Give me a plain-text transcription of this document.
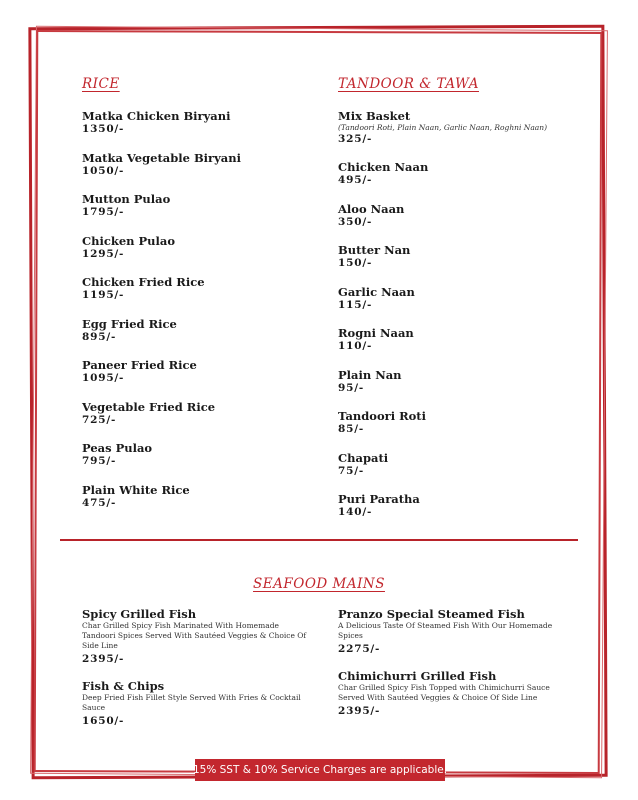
RICE
Matka Chicken Biryani
1350/-
Matka Vegetable Biryani
1050/-
Mutton Pulao
1795/-
Chicken Pulao
1295/-
Chicken Fried Rice
1195/-
Egg Fried Rice
895/-
Paneer Fried Rice
1095/-
Vegetable Fried Rice
725/-
Peas Pulao
795/-
Plain White Rice
475/-
TANDOOR & TAWA
Mix Basket
(Tandoori Roti, Plain Naan, Garlic Naan, Roghni Naan)
325/-
Chicken Naan
495/-
Aloo Naan
350/-
Butter Nan
150/-
Garlic Naan
115/-
Rogni Naan
110/-
Plain Nan
95/-
Tandoori Roti
85/-
Chapati
75/-
Puri Paratha
140/-
SEAFOOD MAINS
Spicy Grilled Fish
Char Grilled Spicy Fish Marinated With Homemade Tandoori Spices Served With Sautéed Veggies & Choice Of Side Line
2395/-
Fish & Chips
Deep Fried Fish Fillet Style Served With Fries & Cocktail Sauce
1650/-
Pranzo Special Steamed Fish
A Delicious Taste Of Steamed Fish With Our Homemade Spices
2275/-
Chimichurri Grilled Fish
Char Grilled Spicy Fish Topped with Chimichurri Sauce Served With Sautéed Veggies & Choice Of Side Line
2395/-
15% SST & 10% Service Charges are applicable.
